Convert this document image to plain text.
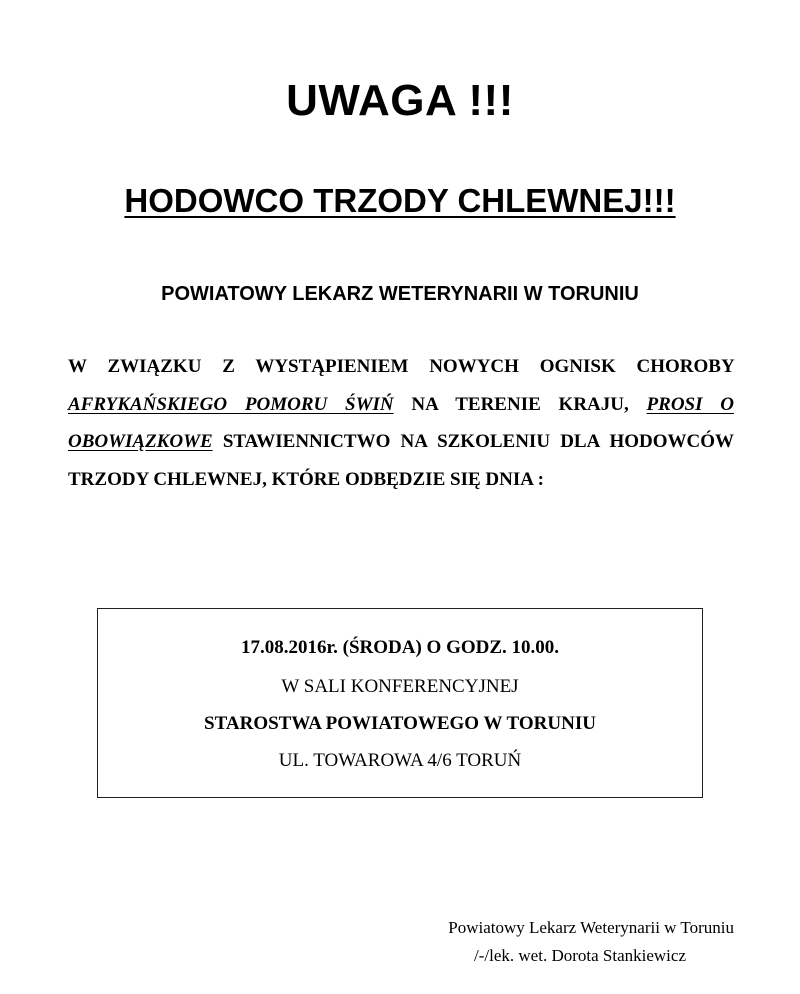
UWAGA !!!
HODOWCO TRZODY CHLEWNEJ!!!
POWIATOWY LEKARZ WETERYNARII W TORUNIU
W ZWIĄZKU Z WYSTĄPIENIEM NOWYCH OGNISK CHOROBY AFRYKAŃSKIEGO POMORU ŚWIŃ NA TERENIE KRAJU, PROSI O OBOWIĄZKOWE STAWIENNICTWO NA SZKOLENIU DLA HODOWCÓW TRZODY CHLEWNEJ, KTÓRE ODBĘDZIE SIĘ DNIA :
17.08.2016r. (ŚRODA) O GODZ. 10.00.
W SALI KONFERENCYJNEJ
STAROSTWA POWIATOWEGO W TORUNIU
UL. TOWAROWA 4/6 TORUŃ
Powiatowy Lekarz Weterynarii w Toruniu
/-/lek. wet. Dorota Stankiewicz
